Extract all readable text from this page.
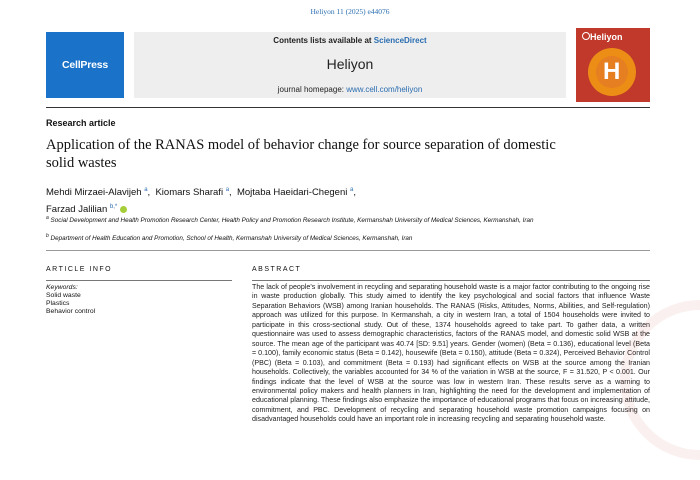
Heliyon 11 (2025) e44076
CellPress
Contents lists available at ScienceDirect
Heliyon
journal homepage: www.cell.com/heliyon
Heliyon
H
Research article
Application of the RANAS model of behavior change for source separation of domestic solid wastes
Mehdi Mirzaei-Alavijeh $^a$,  Kiomars Sharafi $^a$,  Mojtaba Haeidari-Chegeni $^a$,
Farzad Jalilian $^{b,*}$
$^a$ Social Development and Health Promotion Research Center, Health Policy and Promotion Research Institute, Kermanshah University of Medical Sciences, Kermanshah, Iran
$^b$ Department of Health Education and Promotion, School of Health, Kermanshah University of Medical Sciences, Kermanshah, Iran
ARTICLE INFO	ABSTRACT
Keywords:
Solid waste
Plastics
Behavior control
The lack of people's involvement in recycling and separating household waste is a major factor contributing to the ongoing rise in waste production globally. This study aimed to identify the key psychological and social factors that influence Waste Separation Behaviors (WSB) among Iranian households. The RANAS (Risks, Attitudes, Norms, Abilities, and Self-regulation) approach was utilized for this purpose. In Kermanshah, a city in western Iran, a total of 1504 households were invited to participate in this cross-sectional study. Out of these, 1374 households agreed to take part. To gather data, a written questionnaire was used to assess demographic characteristics, factors of the RANAS model, and domestic solid WSB at the source. The mean age of the participant was 40.74 [SD: 9.51] years. Gender (women) (Beta = 0.136), educational level (Beta = 0.100), family economic status (Beta = 0.142), housewife (Beta = 0.150), attitude (Beta = 0.324), Perceived Behavior Control (PBC) (Beta = 0.103), and commitment (Beta = 0.193) had significant effects on WSB at the source among the Iranian households. Collectively, the variables accounted for 34 % of the variation in WSB at the source, F = 31.520, P < 0.001. Our findings indicate that the level of WSB at the source was low in western Iran. These results serve as a warning to environmental policy makers and health planners in Iran, highlighting the need for the development and implementation of educational planning. These findings also emphasize the importance of educational programs that focus on increasing attitude, commitment, and PBC. Development of recycling and separating household waste promotion campaigns focusing on disadvantaged households could have an important role in increasing recycling and separating household waste.
